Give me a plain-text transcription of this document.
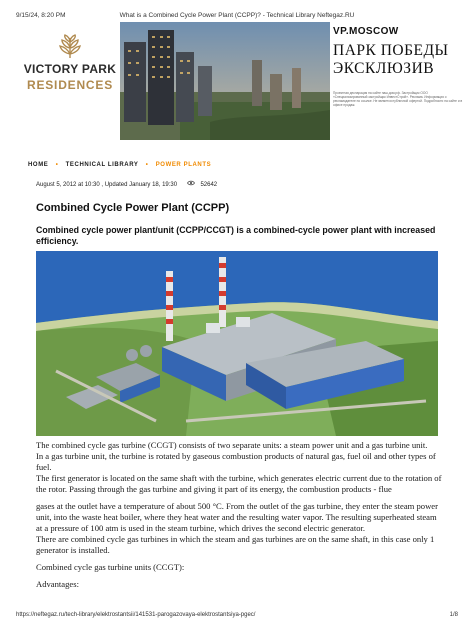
9/15/24, 8:20 PM	What is a Combined Cycle Power Plant (CCPP)? - Technical Library Neftegaz.RU
VICTORY PARK
RESIDENCES
VP.MOSCOW
ПАРК ПОБЕДЫ
ЭКСКЛЮЗИВ
Проектная декларация на сайте наш.дом.рф. Застройщик ООО «Специализированный застройщик ИнвестСтрой». Реклама. Информация о рекламодателе по ссылке. Не является публичной офертой. Подробности на сайте и в офисе продаж.
HOME • TECHNICAL LIBRARY • POWER PLANTS
August 5, 2012 at 10:30 , Updated January 18, 19:30	52642
Combined Cycle Power Plant (CCPP)

Combined cycle power plant/unit (CCPP/CCGT) is a combined-cycle power plant with increased efficiency.

The combined cycle gas turbine (CCGT) consists of two separate units: a steam power unit and a gas turbine unit.

In a gas turbine unit, the turbine is rotated by gaseous combustion products of natural gas, fuel oil and other types of fuel.

The first generator is located on the same shaft with the turbine, which generates electric current due to the rotation of the rotor. Passing through the gas turbine and giving it part of its energy, the combustion products - flue

gases at the outlet have a temperature of about 500 °C. From the outlet of the gas turbine, they enter the steam power unit, into the waste heat boiler, where they heat water and the resulting water vapor. The resulting superheated steam at a pressure of 100 atm is used in the steam turbine, which drives the second electric generator.

There are combined cycle gas turbines in which the steam and gas turbines are on the same shaft, in this case only 1 generator is installed.

Combined cycle gas turbine units (CCGT):

Advantages:

https://neftegaz.ru/tech-library/elektrostantsii/141531-parogazovaya-elektrostantsiya-pgeс/	1/8
